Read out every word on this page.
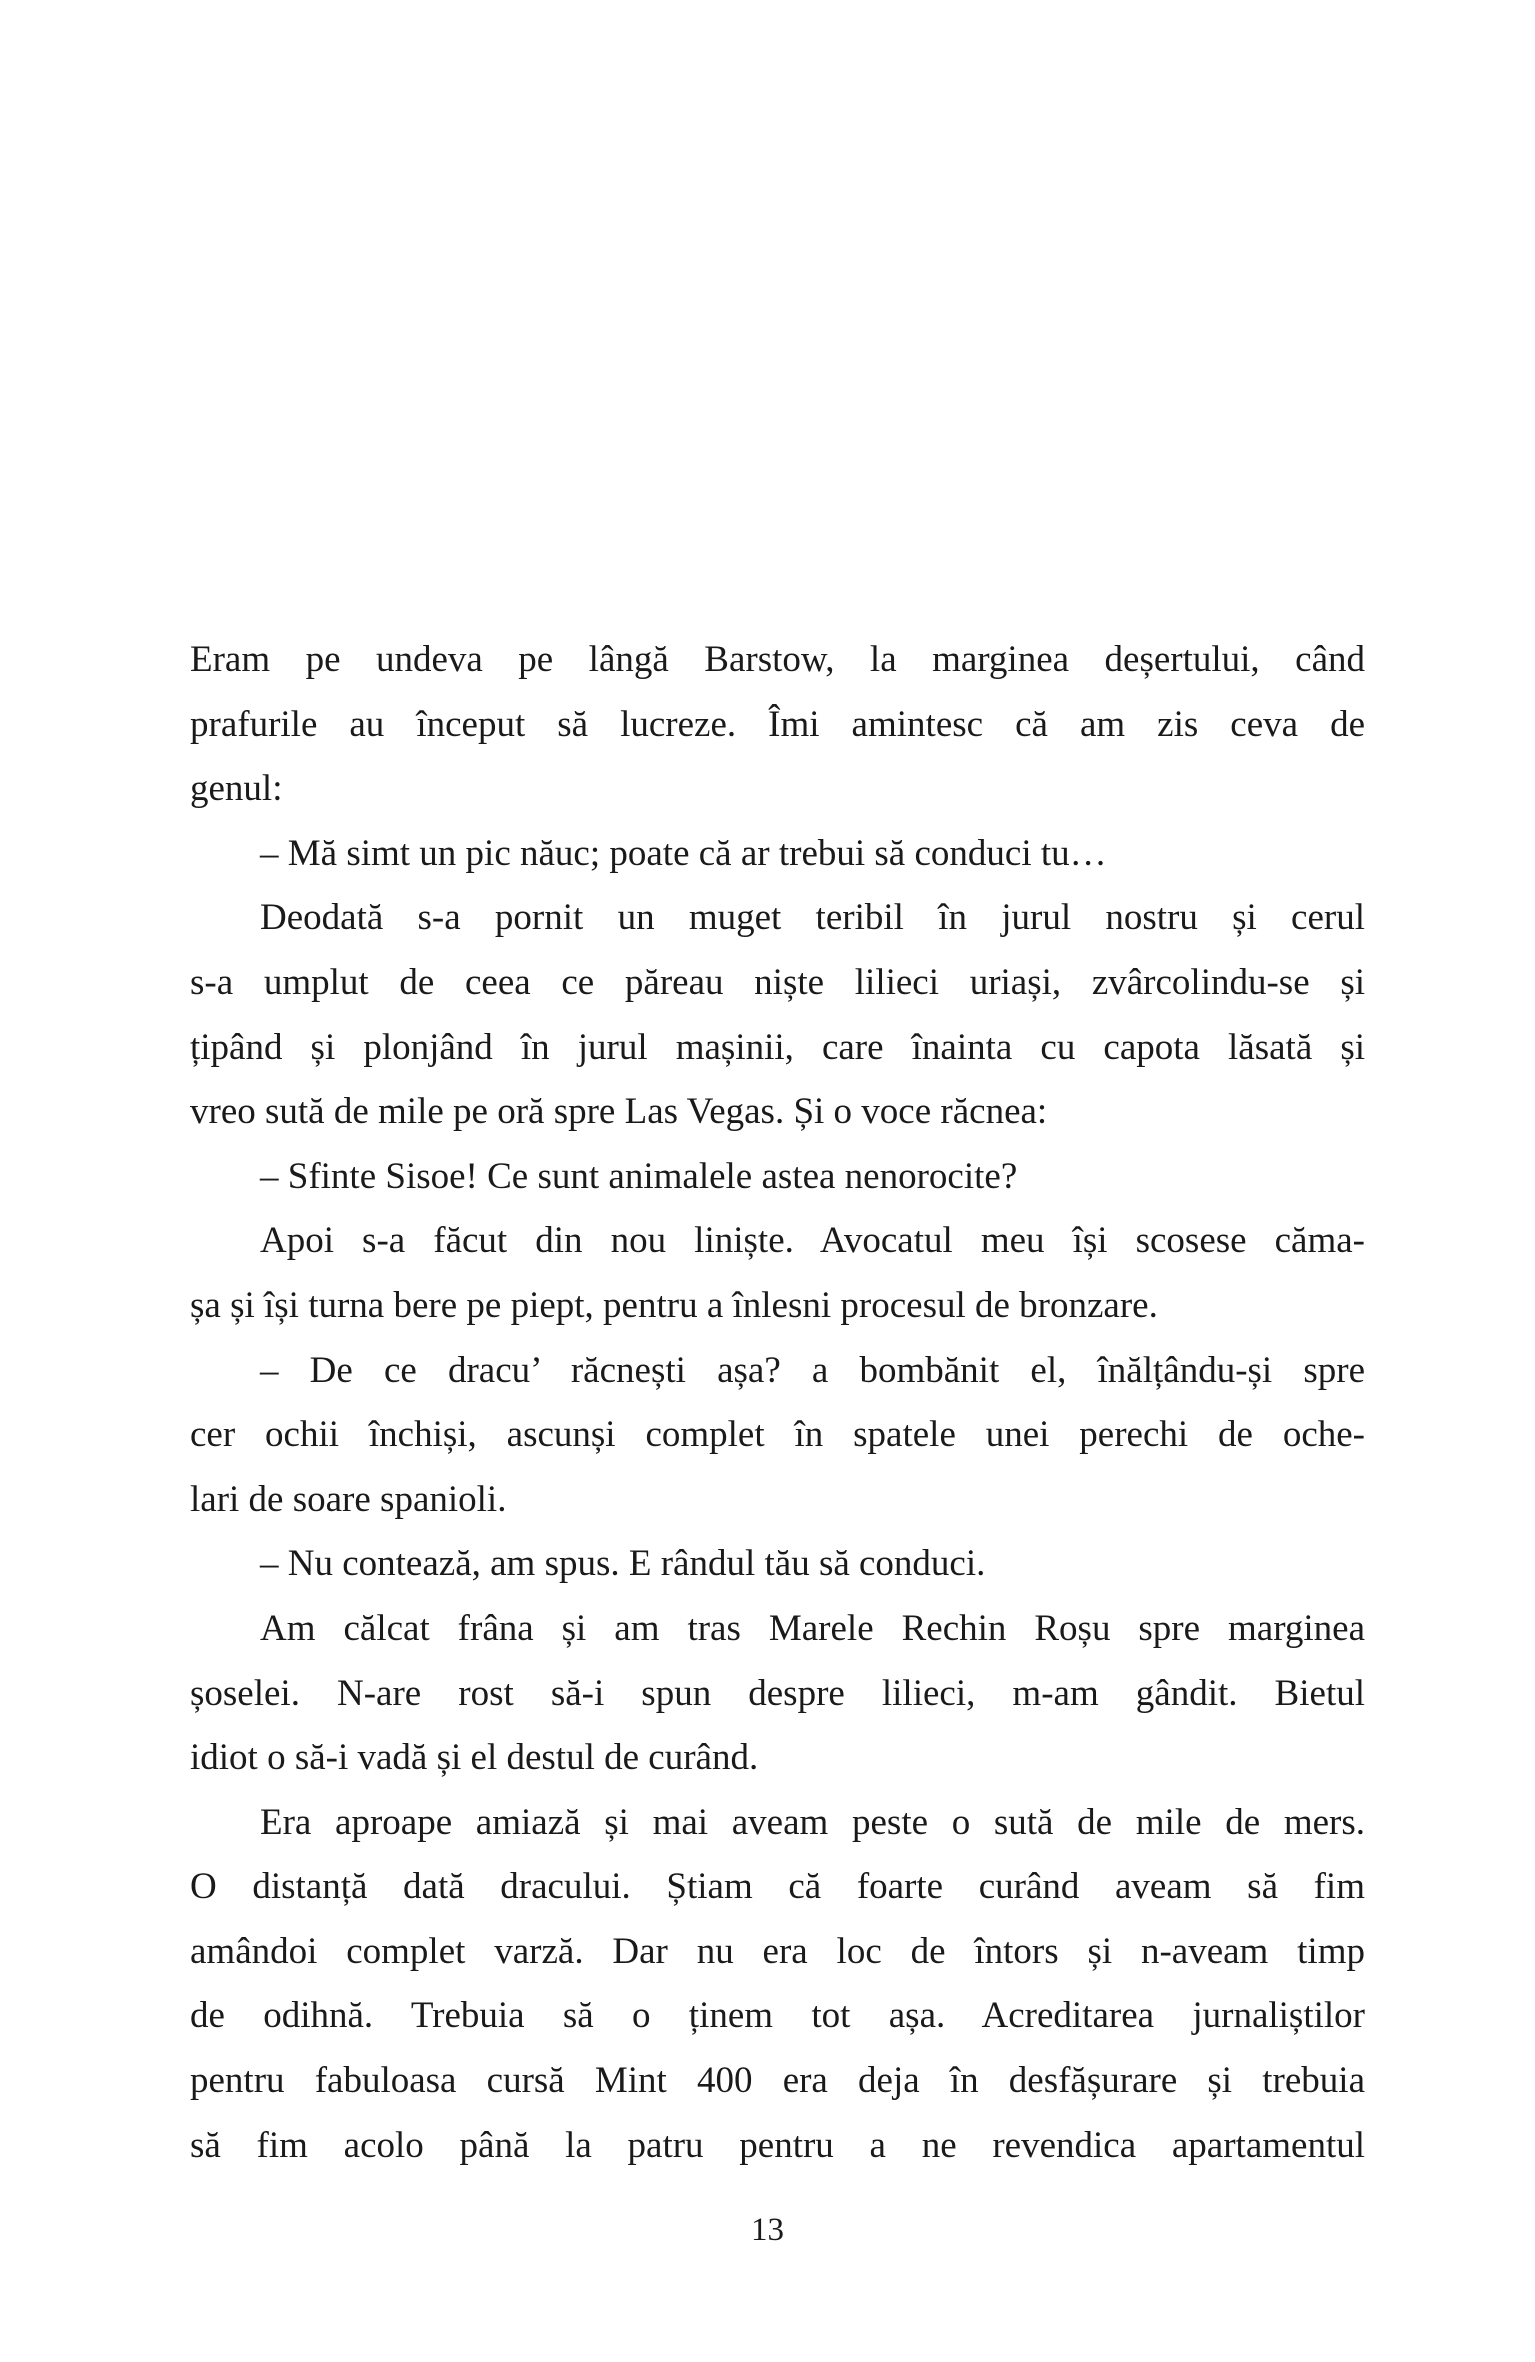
Eram pe undeva pe lângă Barstow, la marginea deșertului, când
prafurile au început să lucreze. Îmi amintesc că am zis ceva de
genul:
– Mă simt un pic năuc; poate că ar trebui să conduci tu…
Deodată s-a pornit un muget teribil în jurul nostru și cerul
s-a umplut de ceea ce păreau niște lilieci uriași, zvârcolindu-se și
țipând și plonjând în jurul mașinii, care înainta cu capota lăsată și
vreo sută de mile pe oră spre Las Vegas. Și o voce răcnea:
– Sfinte Sisoe! Ce sunt animalele astea nenorocite?
Apoi s-a făcut din nou liniște. Avocatul meu își scosese căma-
șa și își turna bere pe piept, pentru a înlesni procesul de bronzare.
– De ce dracu’ răcnești așa? a bombănit el, înălțându-și spre
cer ochii închiși, ascunși complet în spatele unei perechi de oche-
lari de soare spanioli.
– Nu contează, am spus. E rândul tău să conduci.
Am călcat frâna și am tras Marele Rechin Roșu spre marginea
șoselei. N-are rost să-i spun despre lilieci, m-am gândit. Bietul
idiot o să-i vadă și el destul de curând.
Era aproape amiază și mai aveam peste o sută de mile de mers.
O distanță dată dracului. Știam că foarte curând aveam să fim
amândoi complet varză. Dar nu era loc de întors și n-aveam timp
de odihnă. Trebuia să o ținem tot așa. Acreditarea jurnaliștilor
pentru fabuloasa cursă Mint 400 era deja în desfășurare și trebuia
să fim acolo până la patru pentru a ne revendica apartamentul
13
